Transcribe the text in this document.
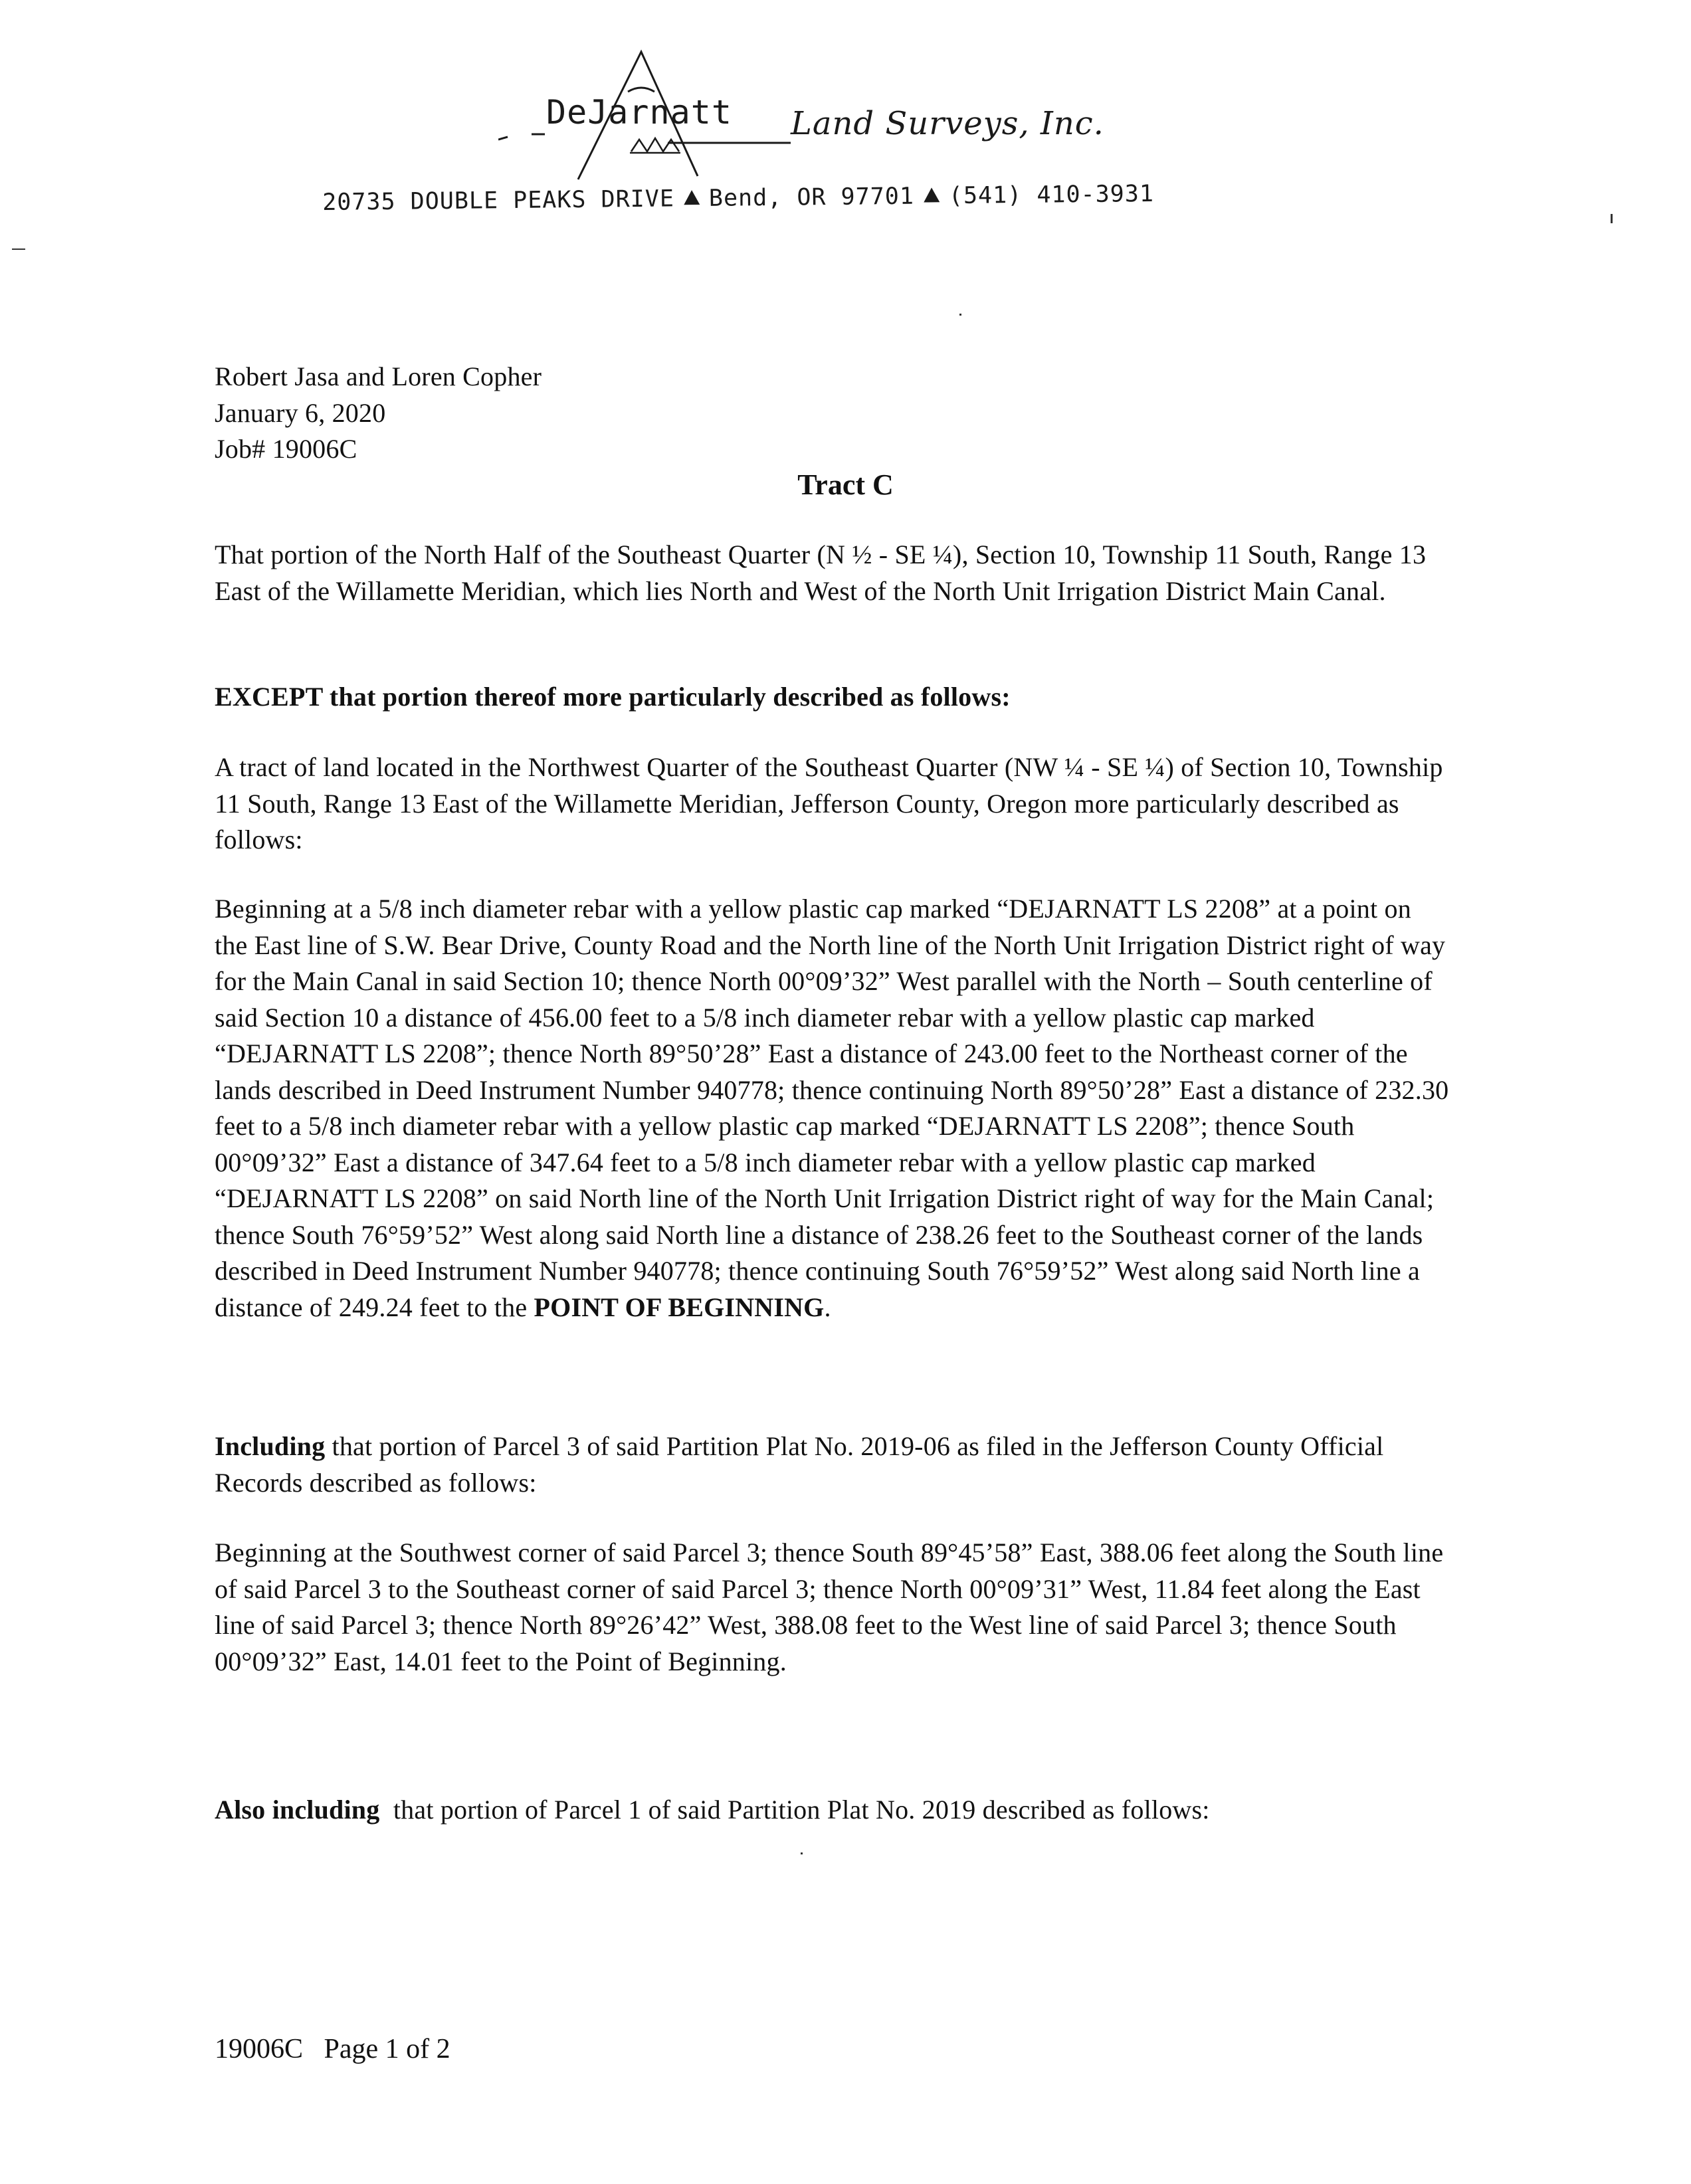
DeJarnatt Land Surveys, Inc.
20735 DOUBLE PEAKS DRIVE Bend, OR 97701 (541) 410-3931
Robert Jasa and Loren Copher
January 6, 2020
Job# 19006C
Tract C
That portion of the North Half of the Southeast Quarter (N ½ - SE ¼), Section 10, Township 11 South, Range 13 East of the Willamette Meridian, which lies North and West of the North Unit Irrigation District Main Canal.
EXCEPT that portion thereof more particularly described as follows:
A tract of land located in the Northwest Quarter of the Southeast Quarter (NW ¼ - SE ¼) of Section 10, Township 11 South, Range 13 East of the Willamette Meridian, Jefferson County, Oregon more particularly described as follows:
Beginning at a 5/8 inch diameter rebar with a yellow plastic cap marked “DEJARNATT LS 2208” at a point on the East line of S.W. Bear Drive, County Road and the North line of the North Unit Irrigation District right of way for the Main Canal in said Section 10; thence North 00°09’32” West parallel with the North – South centerline of said Section 10 a distance of 456.00 feet to a 5/8 inch diameter rebar with a yellow plastic cap marked “DEJARNATT LS 2208”; thence North 89°50’28” East a distance of 243.00 feet to the Northeast corner of the lands described in Deed Instrument Number 940778; thence continuing North 89°50’28” East a distance of 232.30 feet to a 5/8 inch diameter rebar with a yellow plastic cap marked “DEJARNATT LS 2208”; thence South 00°09’32” East a distance of 347.64 feet to a 5/8 inch diameter rebar with a yellow plastic cap marked “DEJARNATT LS 2208” on said North line of the North Unit Irrigation District right of way for the Main Canal; thence South 76°59’52” West along said North line a distance of 238.26 feet to the Southeast corner of the lands described in Deed Instrument Number 940778; thence continuing South 76°59’52” West along said North line a distance of 249.24 feet to the POINT OF BEGINNING.
Including that portion of Parcel 3 of said Partition Plat No. 2019-06 as filed in the Jefferson County Official Records described as follows:
Beginning at the Southwest corner of said Parcel 3; thence South 89°45’58” East, 388.06 feet along the South line of said Parcel 3 to the Southeast corner of said Parcel 3; thence North 00°09’31” West, 11.84 feet along the East line of said Parcel 3; thence North 89°26’42” West, 388.08 feet to the West line of said Parcel 3; thence South 00°09’32” East, 14.01 feet to the Point of Beginning.
Also including  that portion of Parcel 1 of said Partition Plat No. 2019 described as follows:
19006C   Page 1 of 2
